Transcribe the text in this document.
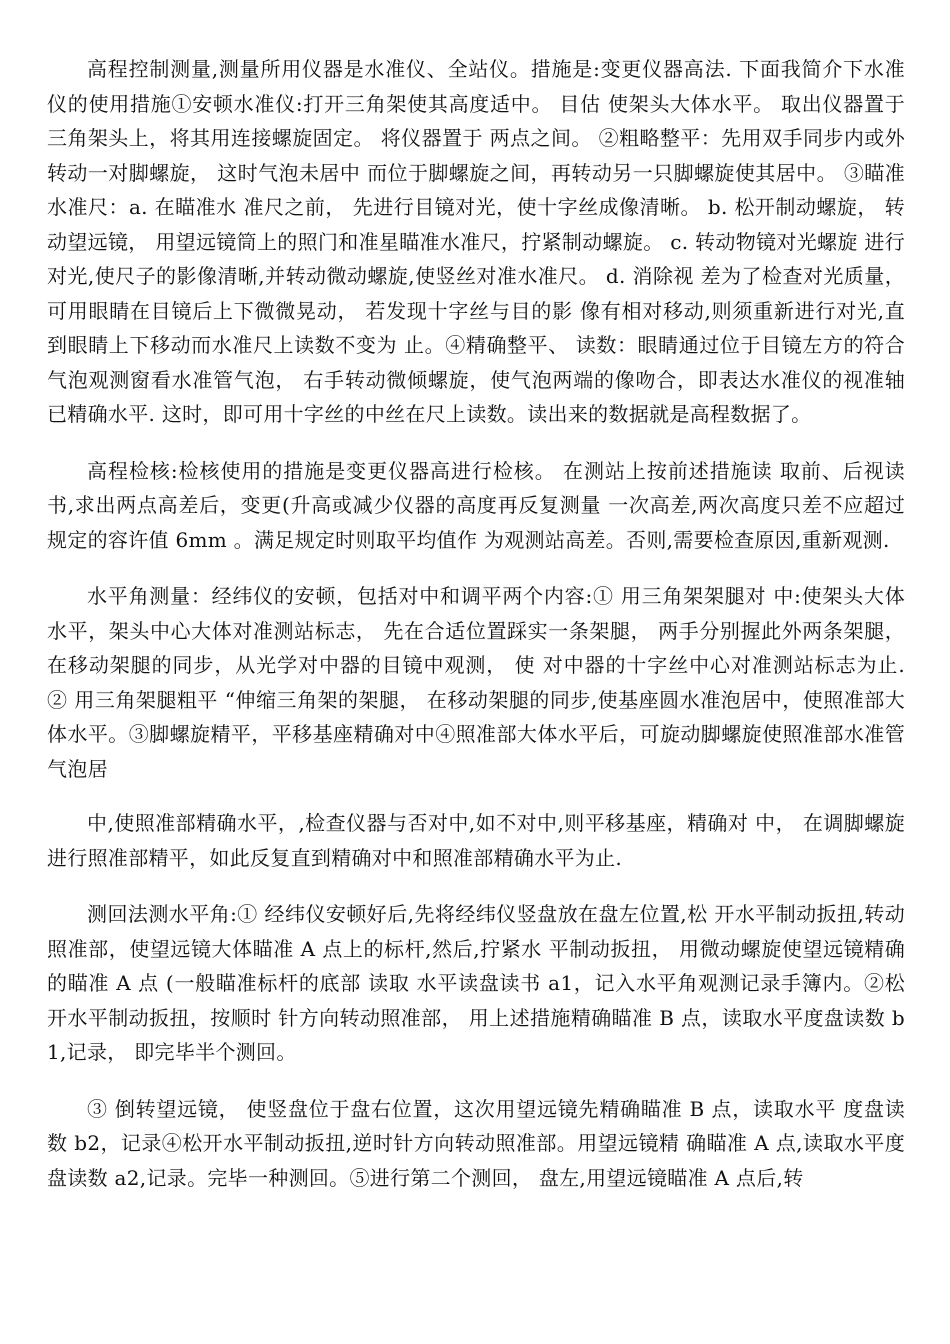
高程控制测量,测量所用仪器是水准仪、全站仪。措施是:变更仪器高法. 下面我简介下水准仪的使用措施①安顿水准仪:打开三角架使其高度适中。 目估 使架头大体水平。 取出仪器置于三角架头上，将其用连接螺旋固定。 将仪器置于 两点之间。 ②粗略整平：先用双手同步内或外转动一对脚螺旋， 这时气泡未居中 而位于脚螺旋之间，再转动另一只脚螺旋使其居中。 ③瞄准水准尺：a. 在瞄准水 准尺之前， 先进行目镜对光，使十字丝成像清晰。 b. 松开制动螺旋， 转动望远镜， 用望远镜筒上的照门和准星瞄准水准尺，拧紧制动螺旋。 c. 转动物镜对光螺旋 进行对光,使尺子的影像清晰,并转动微动螺旋,使竖丝对准水准尺。 d. 消除视 差为了检查对光质量，可用眼睛在目镜后上下微微晃动， 若发现十字丝与目的影 像有相对移动,则须重新进行对光,直到眼睛上下移动而水准尺上读数不变为 止。④精确整平、 读数：眼睛通过位于目镜左方的符合气泡观测窗看水准管气泡， 右手转动微倾螺旋，使气泡两端的像吻合，即表达水准仪的视准轴已精确水平. 这时，即可用十字丝的中丝在尺上读数。读出来的数据就是高程数据了。

高程检核:检核使用的措施是变更仪器高进行检核。 在测站上按前述措施读 取前、后视读书,求出两点高差后，变更(升高或减少仪器的高度再反复测量 一次高差,两次高度只差不应超过规定的容许值 6mm 。满足规定时则取平均值作 为观测站高差。否则,需要检查原因,重新观测.

水平角测量：经纬仪的安顿，包括对中和调平两个内容:① 用三角架架腿对 中:使架头大体水平，架头中心大体对准测站标志， 先在合适位置踩实一条架腿， 两手分别握此外两条架腿，在移动架腿的同步，从光学对中器的目镜中观测， 使 对中器的十字丝中心对准测站标志为止. ② 用三角架腿粗平 “伸缩三角架的架腿， 在移动架腿的同步,使基座圆水准泡居中，使照准部大体水平。③脚螺旋精平，平移基座精确对中④照准部大体水平后，可旋动脚螺旋使照准部水准管气泡居

中,使照准部精确水平，,检查仪器与否对中,如不对中,则平移基座，精确对 中， 在调脚螺旋进行照准部精平，如此反复直到精确对中和照准部精确水平为止.

测回法测水平角:① 经纬仪安顿好后,先将经纬仪竖盘放在盘左位置,松 开水平制动扳扭,转动照准部，使望远镜大体瞄准 A 点上的标杆,然后,拧紧水 平制动扳扭， 用微动螺旋使望远镜精确的瞄准 A 点 (一般瞄准标杆的底部 读取 水平读盘读书 a1，记入水平角观测记录手簿内。②松开水平制动扳扭，按顺时 针方向转动照准部， 用上述措施精确瞄准 B 点，读取水平度盘读数 b1,记录， 即完毕半个测回。

③ 倒转望远镜， 使竖盘位于盘右位置，这次用望远镜先精确瞄准 B 点，读取水平 度盘读数 b2，记录④松开水平制动扳扭,逆时针方向转动照准部。用望远镜精 确瞄准 A 点,读取水平度盘读数 a2,记录。完毕一种测回。⑤进行第二个测回， 盘左,用望远镜瞄准 A 点后,转
